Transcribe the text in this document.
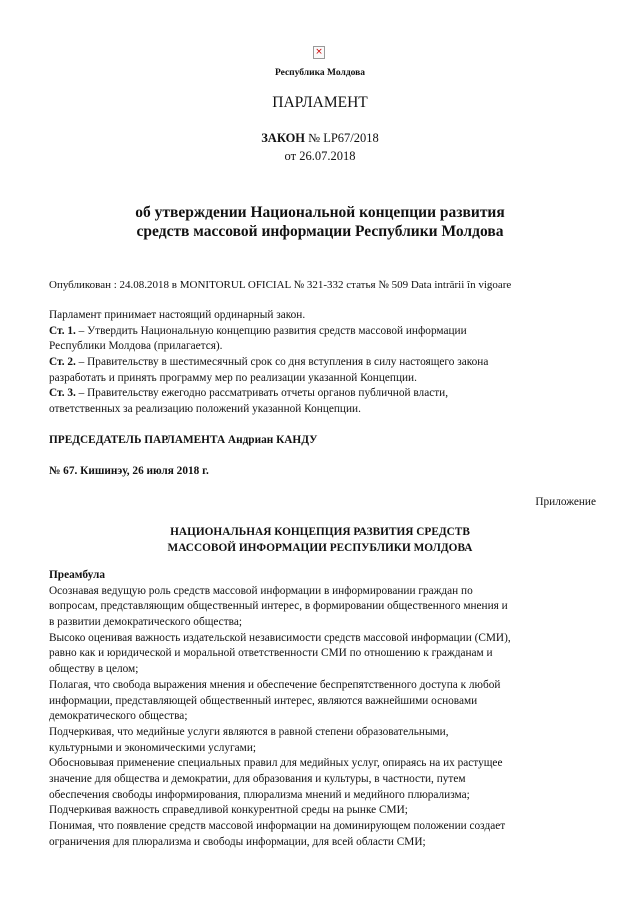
×
Республика Молдова
ПАРЛАМЕНТ
ЗАКОН № LP67/2018
от 26.07.2018
об утверждении Национальной концепции развития
средств массовой информации Республики Молдова
Опубликован : 24.08.2018 в MONITORUL OFICIAL № 321-332 статья № 509 Data intrării în vigoare
Парламент принимает настоящий ординарный закон.
Ст. 1. – Утвердить Национальную концепцию развития средств массовой информации
Республики Молдова (прилагается).
Ст. 2. – Правительству в шестимесячный срок со дня вступления в силу настоящего закона
разработать и принять программу мер по реализации указанной Концепции.
Ст. 3. – Правительству ежегодно рассматривать отчеты органов публичной власти,
ответственных за реализацию положений указанной Концепции.
ПРЕДСЕДАТЕЛЬ ПАРЛАМЕНТА Андриан КАНДУ
№ 67. Кишинэу, 26 июля 2018 г.
Приложение
НАЦИОНАЛЬНАЯ КОНЦЕПЦИЯ РАЗВИТИЯ СРЕДСТВ
МАССОВОЙ ИНФОРМАЦИИ РЕСПУБЛИКИ МОЛДОВА
Преамбула
Осознавая ведущую роль средств массовой информации в информировании граждан по
вопросам, представляющим общественный интерес, в формировании общественного мнения и
в развитии демократического общества;
Высоко оценивая важность издательской независимости средств массовой информации (СМИ),
равно как и юридической и моральной ответственности СМИ по отношению к гражданам и
обществу в целом;
Полагая, что свобода выражения мнения и обеспечение беспрепятственного доступа к любой
информации, представляющей общественный интерес, являются важнейшими основами
демократического общества;
Подчеркивая, что медийные услуги являются в равной степени образовательными,
культурными и экономическими услугами;
Обосновывая применение специальных правил для медийных услуг, опираясь на их растущее
значение для общества и демократии, для образования и культуры, в частности, путем
обеспечения свободы информирования, плюрализма мнений и медийного плюрализма;
Подчеркивая важность справедливой конкурентной среды на рынке СМИ;
Понимая, что появление средств массовой информации на доминирующем положении создает
ограничения для плюрализма и свободы информации, для всей области СМИ;
